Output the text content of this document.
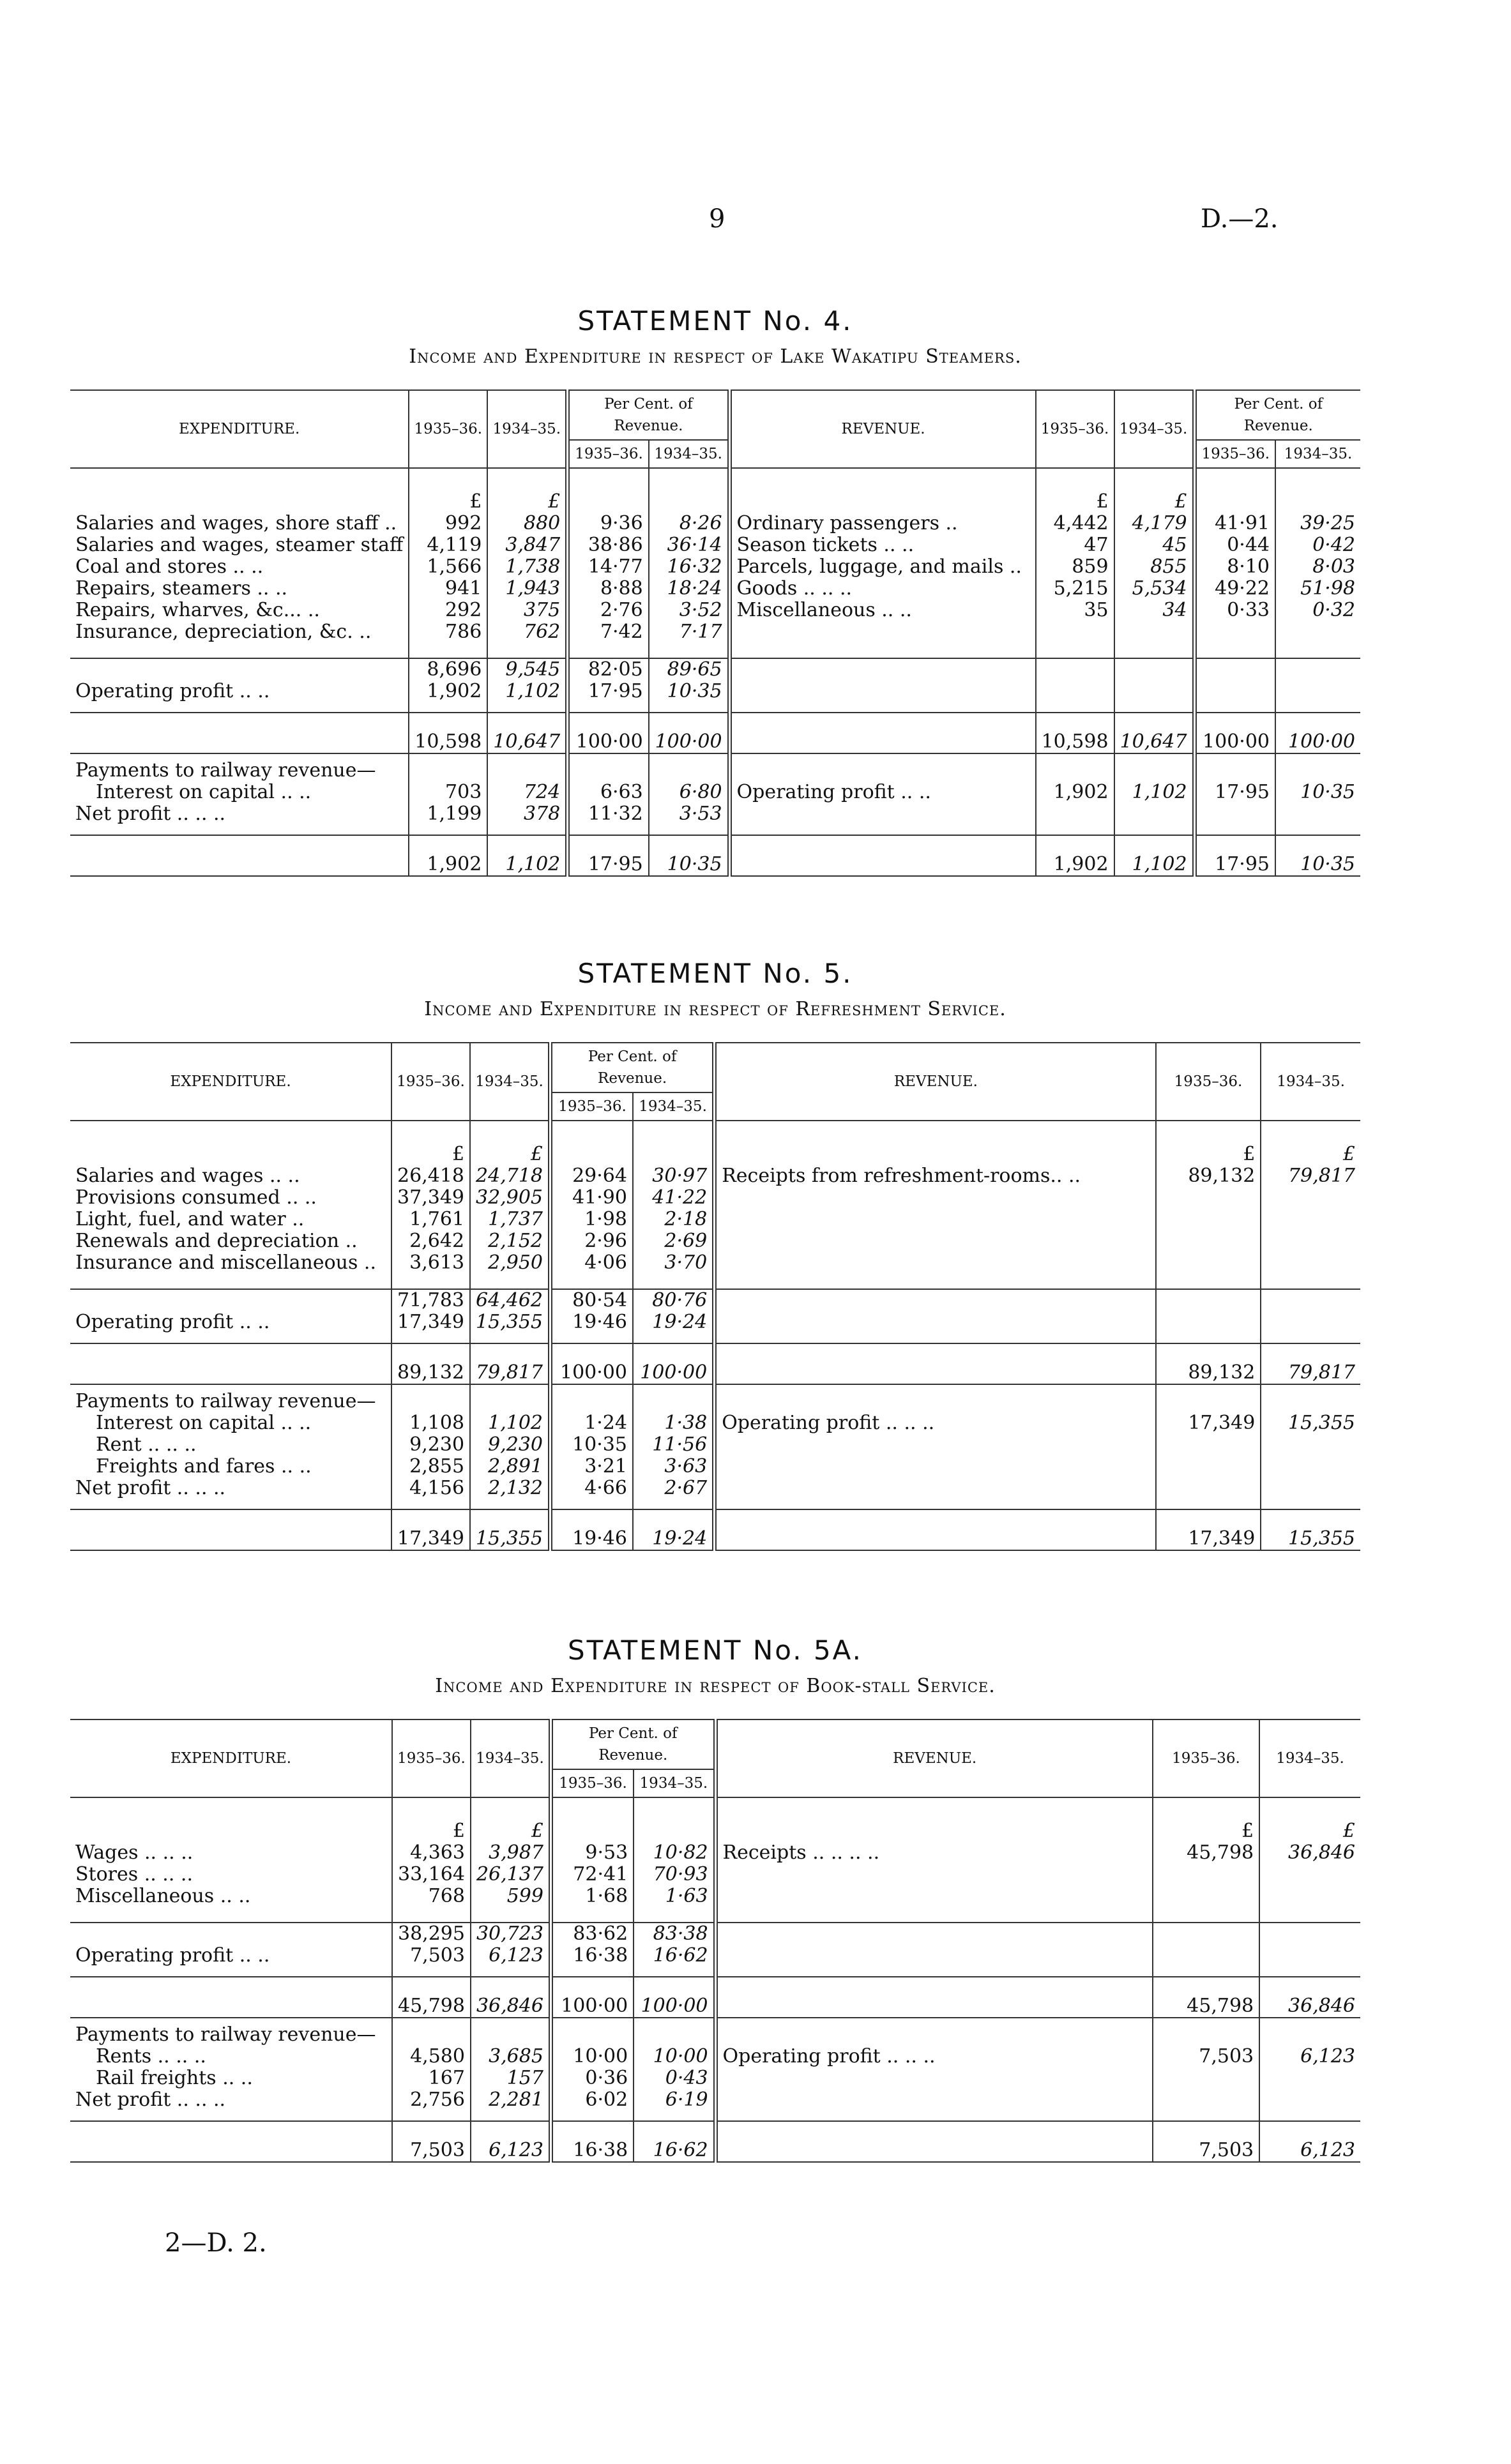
9	D.—2.

STATEMENT No. 4.

Income and Expenditure in respect of Lake Wakatipu Steamers.

EXPENDITURE.	1935–36.	1934–35.	Per Cent. of Revenue.		REVENUE.	1935–36.	1934–35.	Per Cent. of Revenue.	
			1935–36.	1934–35.				1935–36.	1934–35.
	£	£				£	£		
Salaries and wages, shore staff ..	992	880	9·36	8·26	Ordinary passengers ..	4,442	4,179	41·91	39·25
Salaries and wages, steamer staff	4,119	3,847	38·86	36·14	Season tickets .. ..	47	45	0·44	0·42
Coal and stores .. ..	1,566	1,738	14·77	16·32	Parcels, luggage, and mails ..	859	855	8·10	8·03
Repairs, steamers .. ..	941	1,943	8·88	18·24	Goods .. .. ..	5,215	5,534	49·22	51·98
Repairs, wharves, &c... ..	292	375	2·76	3·52	Miscellaneous .. ..	35	34	0·33	0·32
Insurance, depreciation, &c. ..	786	762	7·42	7·17					

	8,696	9,545	82·05	89·65					
Operating profit .. ..	1,902	1,102	17·95	10·35					

	10,598	10,647	100·00	100·00		10,598	10,647	100·00	100·00
Payments to railway revenue—									
Interest on capital .. ..	703	724	6·63	6·80	Operating profit .. ..	1,902	1,102	17·95	10·35
Net profit .. .. ..	1,199	378	11·32	3·53					

	1,902	1,102	17·95	10·35		1,902	1,102	17·95	10·35

STATEMENT No. 5.

Income and Expenditure in respect of Refreshment Service.

EXPENDITURE.	1935–36.	1934–35.	Per Cent. of Revenue.		REVENUE.	1935–36.	1934–35.
			1935–36.	1934–35.			
	£	£				£	£
Salaries and wages .. ..	26,418	24,718	29·64	30·97	Receipts from refreshment-rooms.. ..	89,132	79,817
Provisions consumed .. ..	37,349	32,905	41·90	41·22			
Light, fuel, and water ..	1,761	1,737	1·98	2·18			
Renewals and depreciation ..	2,642	2,152	2·96	2·69			
Insurance and miscellaneous ..	3,613	2,950	4·06	3·70			

	71,783	64,462	80·54	80·76			
Operating profit .. ..	17,349	15,355	19·46	19·24			

	89,132	79,817	100·00	100·00		89,132	79,817
Payments to railway revenue—							
Interest on capital .. ..	1,108	1,102	1·24	1·38	Operating profit .. .. ..	17,349	15,355
Rent .. .. ..	9,230	9,230	10·35	11·56			
Freights and fares .. ..	2,855	2,891	3·21	3·63			
Net profit .. .. ..	4,156	2,132	4·66	2·67			

	17,349	15,355	19·46	19·24		17,349	15,355

STATEMENT No. 5A.

Income and Expenditure in respect of Book-stall Service.

EXPENDITURE.	1935–36.	1934–35.	Per Cent. of Revenue.		REVENUE.	1935–36.	1934–35.
			1935–36.	1934–35.			
	£	£				£	£
Wages .. .. ..	4,363	3,987	9·53	10·82	Receipts .. .. .. ..	45,798	36,846
Stores .. .. ..	33,164	26,137	72·41	70·93			
Miscellaneous .. ..	768	599	1·68	1·63			

	38,295	30,723	83·62	83·38			
Operating profit .. ..	7,503	6,123	16·38	16·62			

	45,798	36,846	100·00	100·00		45,798	36,846
Payments to railway revenue—							
Rents .. .. ..	4,580	3,685	10·00	10·00	Operating profit .. .. ..	7,503	6,123
Rail freights .. ..	167	157	0·36	0·43			
Net profit .. .. ..	2,756	2,281	6·02	6·19			

	7,503	6,123	16·38	16·62		7,503	6,123
2—D. 2.
